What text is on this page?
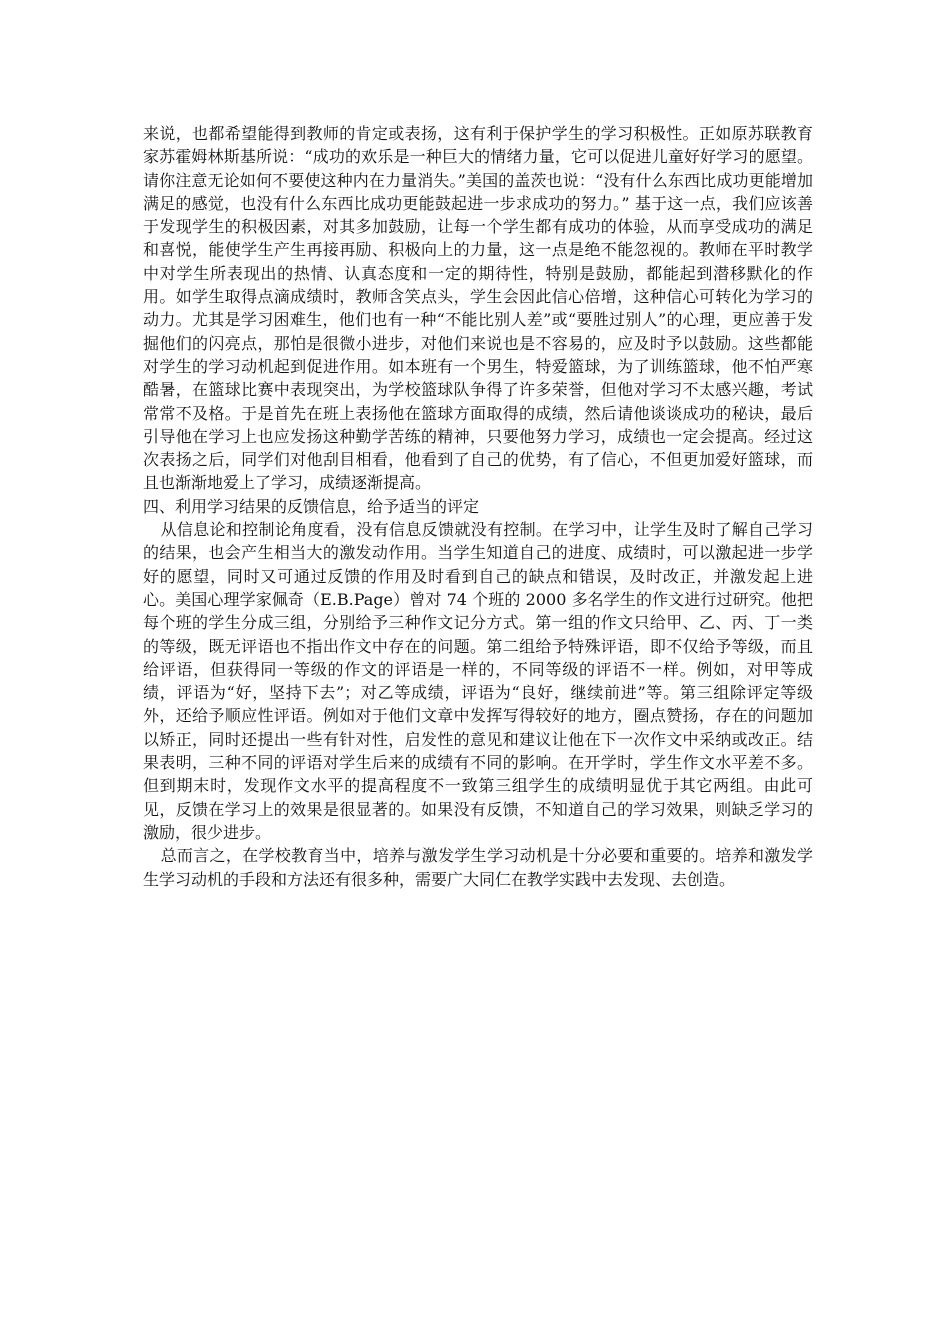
来说，也都希望能得到教师的肯定或表扬，这有利于保护学生的学习积极性。正如原苏联教育家苏霍姆林斯基所说：“成功的欢乐是一种巨大的情绪力量，它可以促进儿童好好学习的愿望。请你注意无论如何不要使这种内在力量消失。”美国的盖茨也说：“没有什么东西比成功更能增加满足的感觉，也没有什么东西比成功更能鼓起进一步求成功的努力。” 基于这一点，我们应该善于发现学生的积极因素，对其多加鼓励，让每一个学生都有成功的体验，从而享受成功的满足和喜悦，能使学生产生再接再励、积极向上的力量，这一点是绝不能忽视的。教师在平时教学中对学生所表现出的热情、认真态度和一定的期待性，特别是鼓励，都能起到潜移默化的作用。如学生取得点滴成绩时，教师含笑点头，学生会因此信心倍增，这种信心可转化为学习的动力。尤其是学习困难生，他们也有一种“不能比别人差”或“要胜过别人”的心理，更应善于发掘他们的闪亮点，那怕是很微小进步，对他们来说也是不容易的，应及时予以鼓励。这些都能对学生的学习动机起到促进作用。如本班有一个男生，特爱篮球，为了训练篮球，他不怕严寒酷暑，在篮球比赛中表现突出，为学校篮球队争得了许多荣誉，但他对学习不太感兴趣，考试常常不及格。于是首先在班上表扬他在篮球方面取得的成绩，然后请他谈谈成功的秘诀，最后引导他在学习上也应发扬这种勤学苦练的精神，只要他努力学习，成绩也一定会提高。经过这次表扬之后，同学们对他刮目相看，他看到了自己的优势，有了信心，不但更加爱好篮球，而且也渐渐地爱上了学习，成绩逐渐提高。

四、利用学习结果的反馈信息，给予适当的评定

从信息论和控制论角度看，没有信息反馈就没有控制。在学习中，让学生及时了解自己学习的结果，也会产生相当大的激发动作用。当学生知道自己的进度、成绩时，可以激起进一步学好的愿望，同时又可通过反馈的作用及时看到自己的缺点和错误，及时改正，并激发起上进心。美国心理学家佩奇（E.B.Page）曾对 74 个班的 2000 多名学生的作文进行过研究。他把每个班的学生分成三组，分别给予三种作文记分方式。第一组的作文只给甲、乙、丙、丁一类的等级，既无评语也不指出作文中存在的问题。第二组给予特殊评语，即不仅给予等级，而且给评语，但获得同一等级的作文的评语是一样的，不同等级的评语不一样。例如，对甲等成绩，评语为“好，坚持下去”；对乙等成绩，评语为“良好，继续前进”等。第三组除评定等级外，还给予顺应性评语。例如对于他们文章中发挥写得较好的地方，圈点赞扬，存在的问题加以矫正，同时还提出一些有针对性，启发性的意见和建议让他在下一次作文中采纳或改正。结果表明，三种不同的评语对学生后来的成绩有不同的影响。在开学时，学生作文水平差不多。但到期末时，发现作文水平的提高程度不一致第三组学生的成绩明显优于其它两组。由此可见，反馈在学习上的效果是很显著的。如果没有反馈，不知道自己的学习效果，则缺乏学习的激励，很少进步。

总而言之，在学校教育当中，培养与激发学生学习动机是十分必要和重要的。培养和激发学生学习动机的手段和方法还有很多种，需要广大同仁在教学实践中去发现、去创造。
